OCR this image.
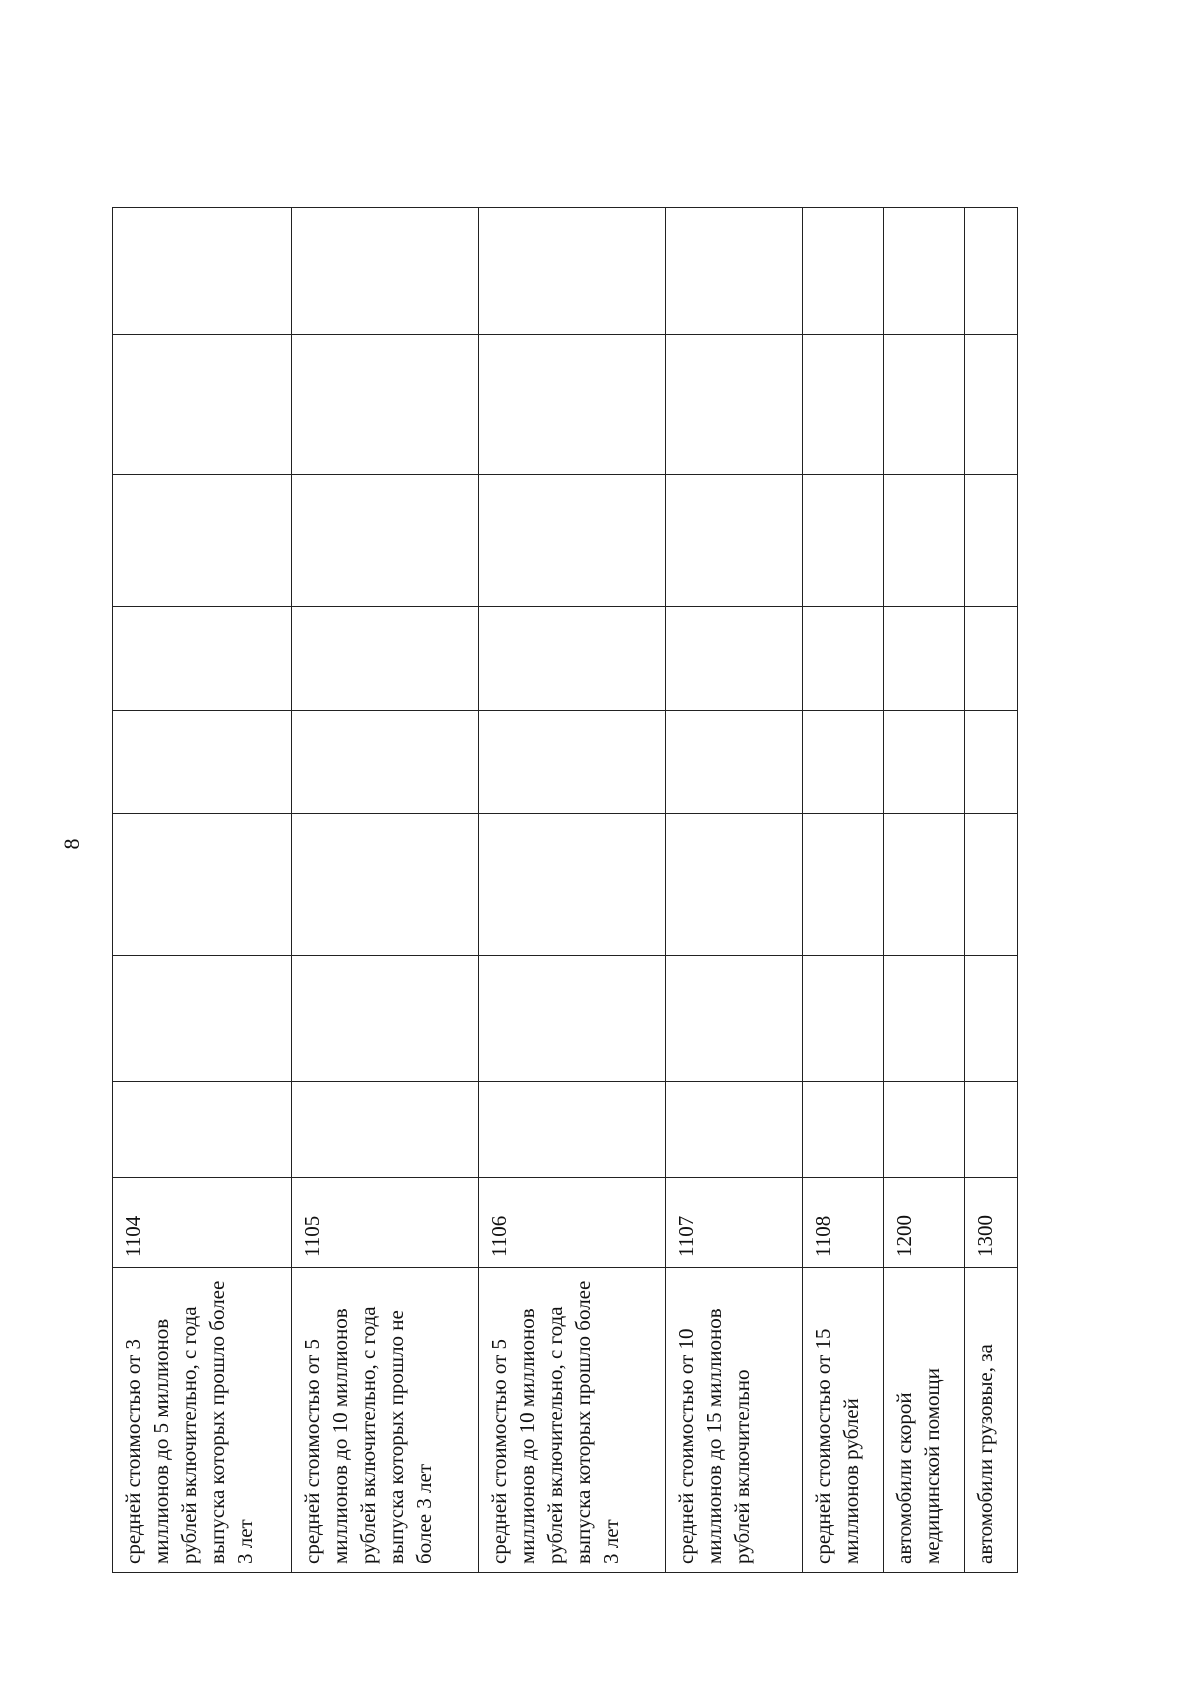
8
средней стоимостью от 3 миллионов до 5 миллионов рублей включительно, с года выпуска которых прошло более 3 лет	1104								
средней стоимостью от 5 миллионов до 10 миллионов рублей включительно, с года выпуска которых прошло не более 3 лет	1105								
средней стоимостью от 5 миллионов до 10 миллионов рублей включительно, с года выпуска которых прошло более 3 лет	1106								
средней стоимостью от 10 миллионов до 15 миллионов рублей включительно	1107								
средней стоимостью от 15 миллионов рублей	1108								
автомобили скорой медицинской помощи	1200								
автомобили грузовые, за	1300								
